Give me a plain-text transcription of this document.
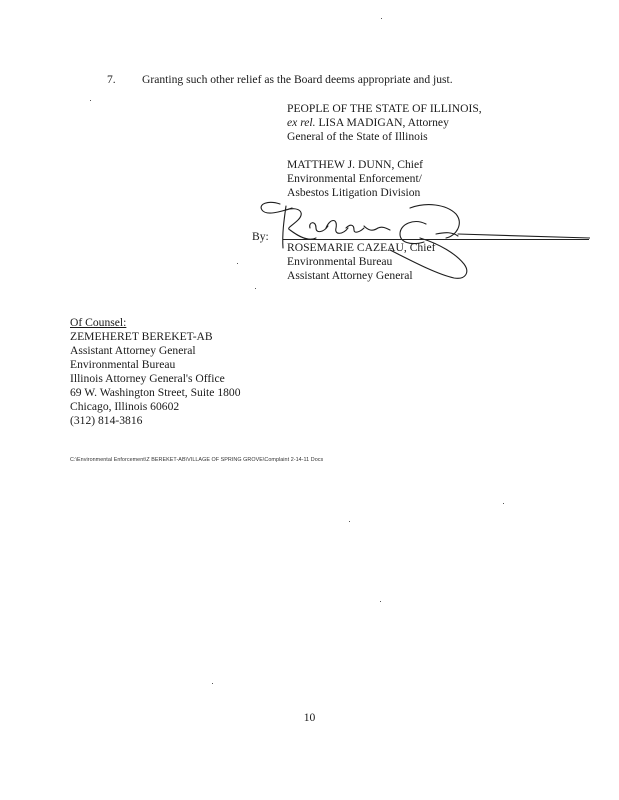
7. Granting such other relief as the Board deems appropriate and just.
PEOPLE OF THE STATE OF ILLINOIS,
ex rel. LISA MADIGAN, Attorney
General of the State of Illinois
MATTHEW J. DUNN, Chief
Environmental Enforcement/
Asbestos Litigation Division
By:
ROSEMARIE CAZEAU, Chief
Environmental Bureau
Assistant Attorney General
Of Counsel:
ZEMEHERET BEREKET-AB
Assistant Attorney General
Environmental Bureau
Illinois Attorney General's Office
69 W. Washington Street, Suite 1800
Chicago, Illinois 60602
(312) 814-3816
C:\Environmental Enforcement\Z BEREKET-AB\VILLAGE OF SPRING GROVE\Complaint 2-14-11 Docs
10
